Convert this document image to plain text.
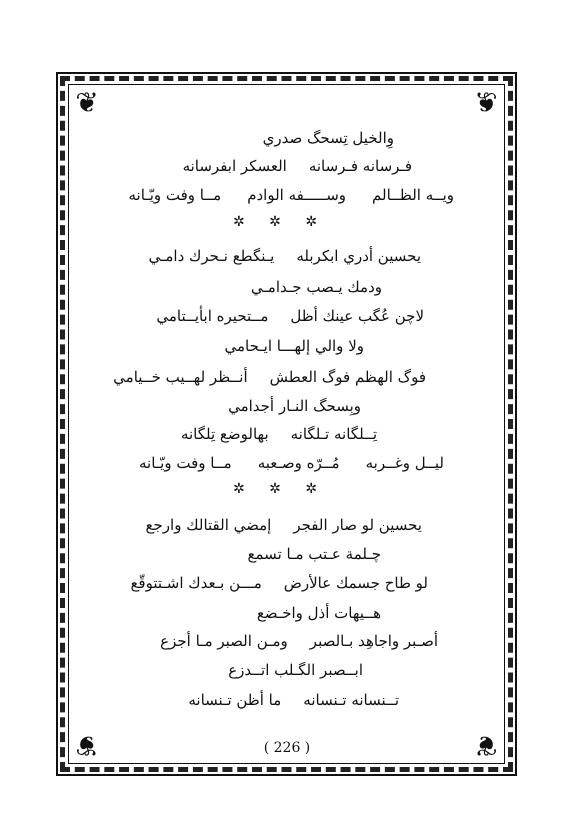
❦	❦
❦	❦
وِالخيل تِسحگ صدري
فـرسانه فـرسانهالعسكر ابفرسانه
ويــه الظــالموســـــفه الوادممــا وفت ويّـانه
✲ ✲ ✲
يحسين أدري ابكربلهيـنگطع نـحرك دامـي
ودمك يـصب جـدامـي
لاچن عُگب عينك أظلمــتحيره ابأيــتامي
ولا والي إلهـــا ايـحامي
فوگ الهظم فوگ العطشأنــظر لهــيب خــيامي
وبِسحگ النـار أجدامي
تِــلگانه تـلگانهبهالوضع تِلگانه
ليــل وغــربهمُــرّه وصـعبهمــا وفت ويّـانه
✲ ✲ ✲
يحسين لو صار الفجرإمضي القتالك وارجع
چـلمة عـتب مـا تسمع
لو طاح جسمك عالأرضمـــن بـعدك اشـتتوقّع
هــيهات أذل واخـضع
أصـبر واجاهِد بـالصبرومـن الصبر مـا أجزع
ابــصبر الگـلب اتــدزع
تــنسانه تـنسانهما أظن تـنسانه
( 226 )
